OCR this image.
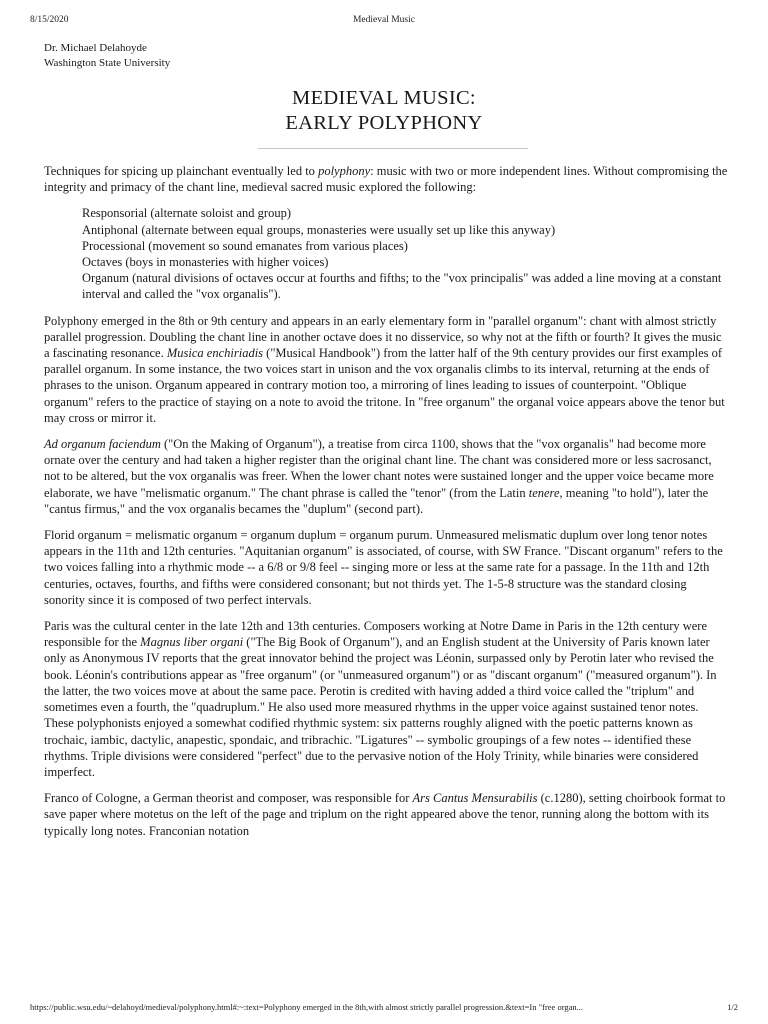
8/15/2020	Medieval Music
Dr. Michael Delahoyde
Washington State University
MEDIEVAL MUSIC:
EARLY POLYPHONY

Techniques for spicing up plainchant eventually led to polyphony: music with two or more independent lines. Without compromising the integrity and primacy of the chant line, medieval sacred music explored the following:

Responsorial (alternate soloist and group)
Antiphonal (alternate between equal groups, monasteries were usually set up like this anyway)
Processional (movement so sound emanates from various places)
Octaves (boys in monasteries with higher voices)
Organum (natural divisions of octaves occur at fourths and fifths; to the "vox principalis" was added a line moving at a constant interval and called the "vox organalis").

Polyphony emerged in the 8th or 9th century and appears in an early elementary form in "parallel organum": chant with almost strictly parallel progression. Doubling the chant line in another octave does it no disservice, so why not at the fifth or fourth? It gives the music a fascinating resonance. Musica enchiriadis ("Musical Handbook") from the latter half of the 9th century provides our first examples of parallel organum. In some instance, the two voices start in unison and the vox organalis climbs to its interval, returning at the ends of phrases to the unison. Organum appeared in contrary motion too, a mirroring of lines leading to issues of counterpoint. "Oblique organum" refers to the practice of staying on a note to avoid the tritone. In "free organum" the organal voice appears above the tenor but may cross or mirror it.

Ad organum faciendum ("On the Making of Organum"), a treatise from circa 1100, shows that the "vox organalis" had become more ornate over the century and had taken a higher register than the original chant line. The chant was considered more or less sacrosanct, not to be altered, but the vox organalis was freer. When the lower chant notes were sustained longer and the upper voice became more elaborate, we have "melismatic organum." The chant phrase is called the "tenor" (from the Latin tenere, meaning "to hold"), later the "cantus firmus," and the vox organalis becames the "duplum" (second part).

Florid organum = melismatic organum = organum duplum = organum purum. Unmeasured melismatic duplum over long tenor notes appears in the 11th and 12th centuries. "Aquitanian organum" is associated, of course, with SW France. "Discant organum" refers to the two voices falling into a rhythmic mode -- a 6/8 or 9/8 feel -- singing more or less at the same rate for a passage. In the 11th and 12th centuries, octaves, fourths, and fifths were considered consonant; but not thirds yet. The 1-5-8 structure was the standard closing sonority since it is composed of two perfect intervals.

Paris was the cultural center in the late 12th and 13th centuries. Composers working at Notre Dame in Paris in the 12th century were responsible for the Magnus liber organi ("The Big Book of Organum"), and an English student at the University of Paris known later only as Anonymous IV reports that the great innovator behind the project was Léonin, surpassed only by Perotin later who revised the book. Léonin's contributions appear as "free organum" (or "unmeasured organum") or as "discant organum" ("measured organum"). In the latter, the two voices move at about the same pace. Perotin is credited with having added a third voice called the "triplum" and sometimes even a fourth, the "quadruplum." He also used more measured rhythms in the upper voice against sustained tenor notes. These polyphonists enjoyed a somewhat codified rhythmic system: six patterns roughly aligned with the poetic patterns known as trochaic, iambic, dactylic, anapestic, spondaic, and tribrachic. "Ligatures" -- symbolic groupings of a few notes -- identified these rhythms. Triple divisions were considered "perfect" due to the pervasive notion of the Holy Trinity, while binaries were considered imperfect.

Franco of Cologne, a German theorist and composer, was responsible for Ars Cantus Mensurabilis (c.1280), setting choirbook format to save paper where motetus on the left of the page and triplum on the right appeared above the tenor, running along the bottom with its typically long notes. Franconian notation

https://public.wsu.edu/~delahoyd/medieval/polyphony.html#:~:text=Polyphony emerged in the 8th,with almost strictly parallel progression.&text=In "free organ...	1/2
